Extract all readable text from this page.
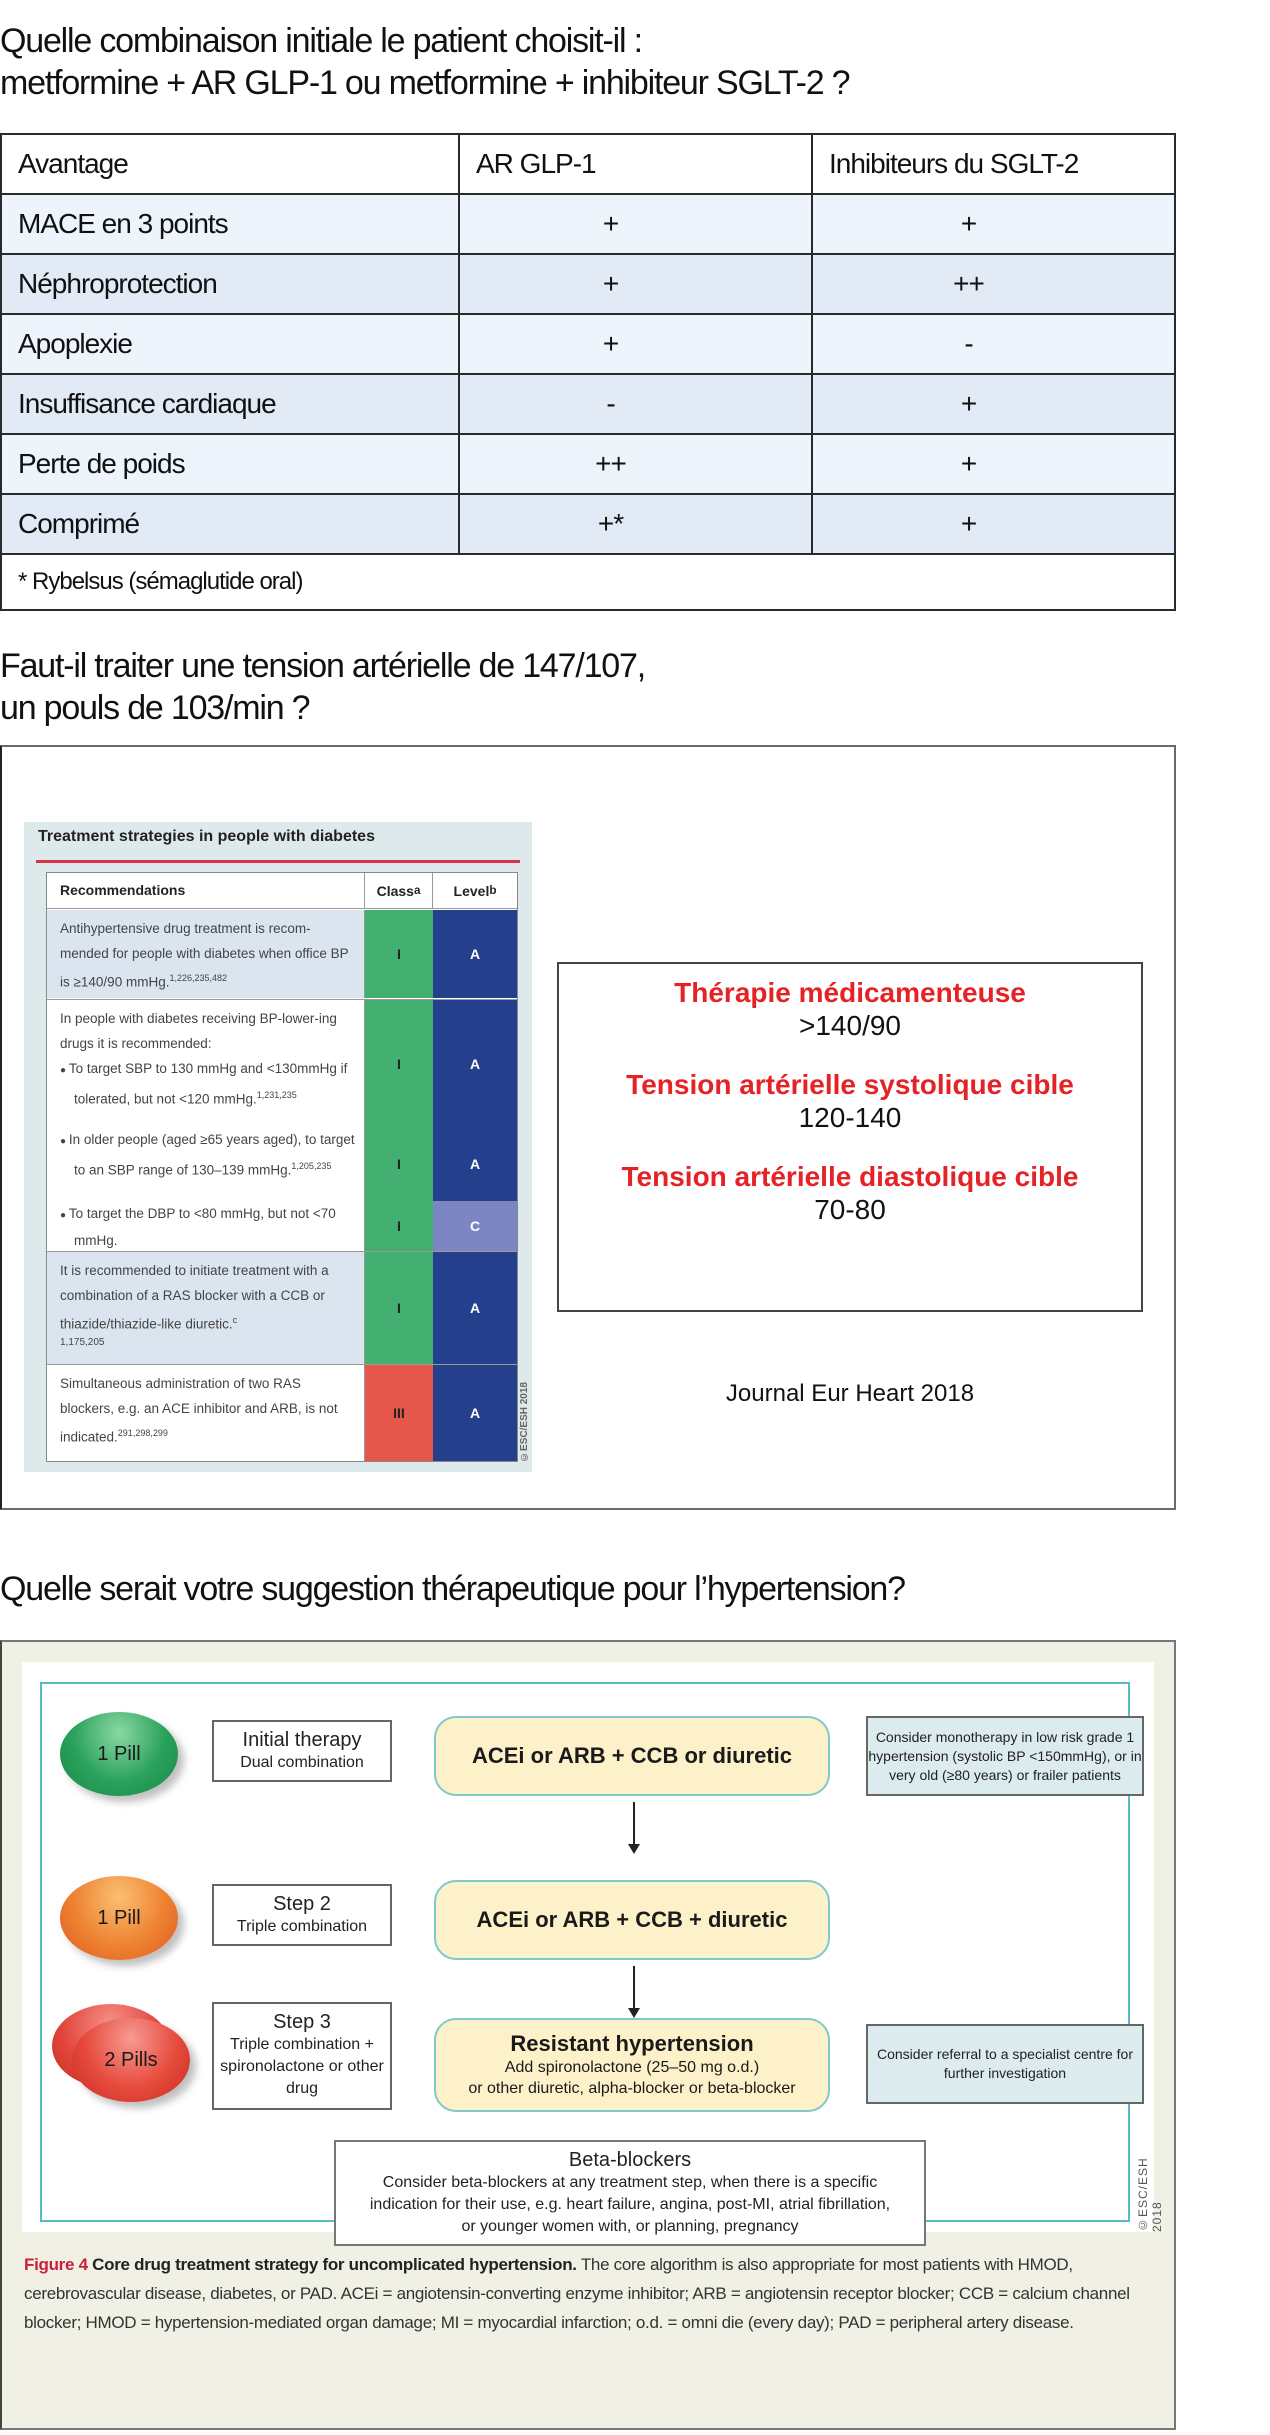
Quelle combinaison initiale le patient choisit-il :
metformine + AR GLP-1 ou metformine + inhibiteur SGLT-2 ?
Avantage	AR GLP-1	Inhibiteurs du SGLT-2
MACE en 3 points	+	+
Néphroprotection	+	++
Apoplexie	+	-
Insuffisance cardiaque	-	+
Perte de poids	++	+
Comprimé	+*	+
* Rybelsus (sémaglutide oral)		
Faut-il traiter une tension artérielle de 147/107,
un pouls de 103/min ?
Treatment strategies in people with diabetes
Recommendations	Class a Level b
Antihypertensive drug treatment is recom-mended for people with diabetes when office BP is ≥140/90 mmHg.$^{1,226,235,482}$
I	A
In people with diabetes receiving BP-lower-ing drugs it is recommended:
● To target SBP to 130 mmHg and <130mmHg if tolerated, but not <120 mmHg.$^{1,231,235}$
I	A
● In older people (aged ≥65 years aged), to target to an SBP range of 130–139 mmHg.$^{1,205,235}$	I	A
● To target the DBP to <80 mmHg, but not <70 mmHg.
I	C
It is recommended to initiate treatment with a combination of a RAS blocker with a CCB or thiazide/thiazide-like diuretic.$^c$
1,175,205
I	A
Simultaneous administration of two RAS blockers, e.g. an ACE inhibitor and ARB, is not indicated.$^{291,298,299}$
III	A	©ESC/ESH 2018
Thérapie médicamenteuse
>140/90
Tension artérielle systolique cible
120-140
Tension artérielle diastolique cible
70-80
Journal Eur Heart 2018
Quelle serait votre suggestion thérapeutique pour l’hypertension?
1 Pill
Initial therapy
Dual combination	ACEi or ARB + CCB or diuretic
Consider monotherapy in low risk grade 1 hypertension (systolic BP <150mmHg), or in very old (≥80 years) or frailer patients
1 Pill
Step 2
Triple combination	ACEi or ARB + CCB + diuretic
2 Pills
Step 3
Triple combination + spironolactone or other drug
Resistant hypertension
Add spironolactone (25–50 mg o.d.)
or other diuretic, alpha-blocker or beta-blocker
Consider referral to a specialist centre for further investigation
Beta-blockers
Consider beta-blockers at any treatment step, when there is a specific
indication for their use, e.g. heart failure, angina, post-MI, atrial fibrillation,
or younger women with, or planning, pregnancy	©ESC/ESH 2018
Figure 4 Core drug treatment strategy for uncomplicated hypertension. The core algorithm is also appropriate for most patients with HMOD, cerebrovascular disease, diabetes, or PAD. ACEi = angiotensin-converting enzyme inhibitor; ARB = angiotensin receptor blocker; CCB = calcium channel blocker; HMOD = hypertension-mediated organ damage; MI = myocardial infarction; o.d. = omni die (every day); PAD = peripheral artery disease.
